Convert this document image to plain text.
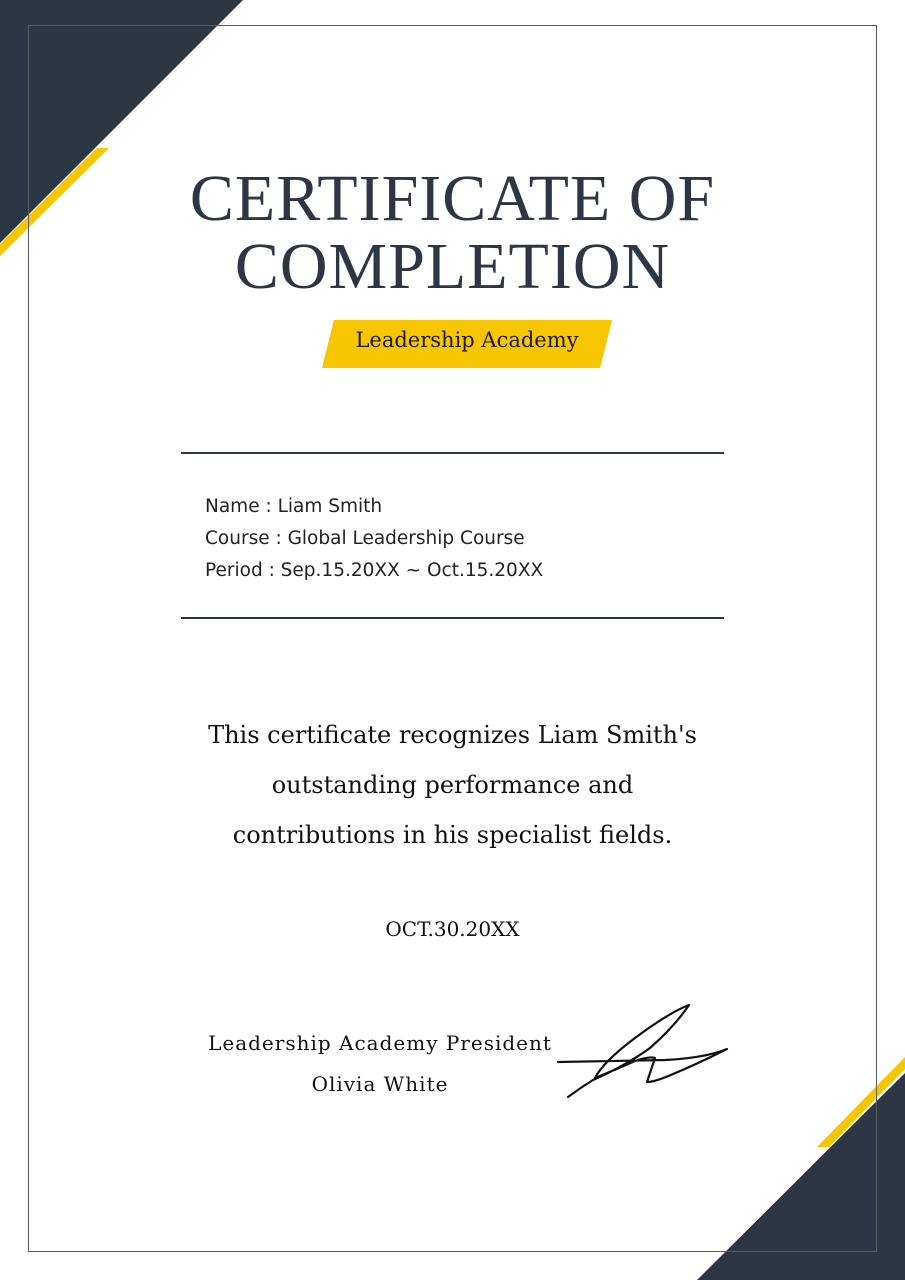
CERTIFICATE OF
COMPLETION
Leadership Academy
Name : Liam Smith
Course : Global Leadership Course
Period : Sep.15.20XX ~ Oct.15.20XX
This certificate recognizes Liam Smith's
outstanding performance and
contributions in his specialist fields.
OCT.30.20XX
Leadership Academy President
Olivia White
